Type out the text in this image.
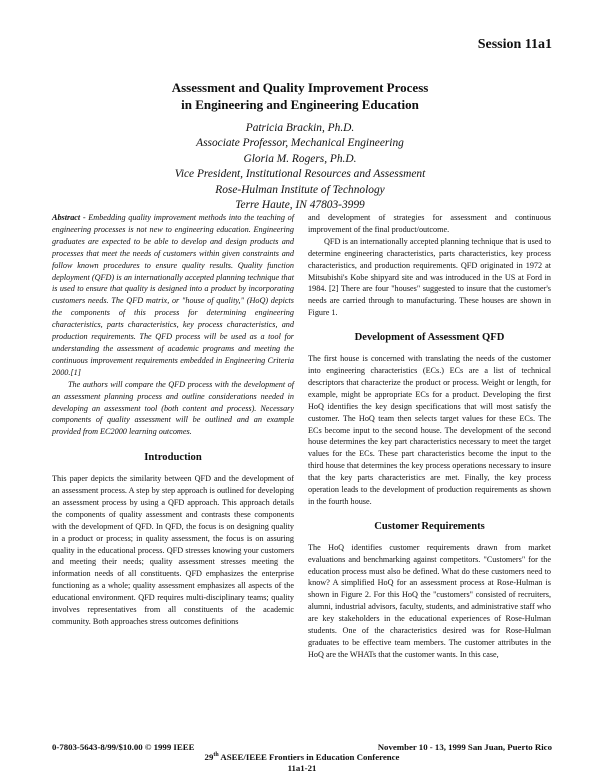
Session 11a1
Assessment and Quality Improvement Process
in Engineering and Engineering Education
Patricia Brackin, Ph.D.
Associate Professor, Mechanical Engineering
Gloria M. Rogers, Ph.D.
Vice President, Institutional Resources and Assessment
Rose-Hulman Institute of Technology
Terre Haute, IN 47803-3999

Abstract - Embedding quality improvement methods into the teaching of engineering processes is not new to engineering education. Engineering graduates are expected to be able to develop and design products and processes that meet the needs of customers within given constraints and follow known procedures to ensure quality results. Quality function deployment (QFD) is an internationally accepted planning technique that is used to ensure that quality is designed into a product by incorporating customers needs. The QFD matrix, or "house of quality," (HoQ) depicts the components of this process for determining engineering characteristics, parts characteristics, key process characteristics, and production requirements. The QFD process will be used as a tool for understanding the assessment of academic programs and meeting the continuous improvement requirements embedded in Engineering Criteria 2000.[1]

The authors will compare the QFD process with the development of an assessment planning process and outline considerations needed in developing an assessment tool (both content and process). Necessary components of quality assessment will be outlined and an example provided from EC2000 learning outcomes.

Introduction

This paper depicts the similarity between QFD and the development of an assessment process. A step by step approach is outlined for developing an assessment process by using a QFD approach. This approach details the components of quality assessment and contrasts these components with the development of QFD. In QFD, the focus is on designing quality in a product or process; in quality assessment, the focus is on assuring quality in the educational process. QFD stresses knowing your customers and meeting their needs; quality assessment stresses meeting the information needs of all constituents. QFD emphasizes the enterprise functioning as a whole; quality assessment emphasizes all aspects of the educational environment. QFD requires multi-disciplinary teams; quality involves representatives from all constituents of the academic community. Both approaches stress outcomes definitions

and development of strategies for assessment and continuous improvement of the final product/outcome.

QFD is an internationally accepted planning technique that is used to determine engineering characteristics, parts characteristics, key process characteristics, and production requirements. QFD originated in 1972 at Mitsubishi's Kobe shipyard site and was introduced in the US at Ford in 1984. [2] There are four "houses" suggested to insure that the customer's needs are carried through to manufacturing. These houses are shown in Figure 1.

Development of Assessment QFD

The first house is concerned with translating the needs of the customer into engineering characteristics (ECs.) ECs are a list of technical descriptors that characterize the product or process. Weight or length, for example, might be appropriate ECs for a product. Developing the first HoQ identifies the key design specifications that will most satisfy the customer. The HoQ team then selects target values for these ECs. The ECs become input to the second house. The development of the second house determines the key part characteristics necessary to meet the target values for the ECs. These part characteristics become the input to the third house that determines the key process operations necessary to insure that the key parts characteristics are met. Finally, the key process operation leads to the development of production requirements as shown in the fourth house.

Customer Requirements

The HoQ identifies customer requirements drawn from market evaluations and benchmarking against competitors. "Customers" for the education process must also be defined. What do these customers need to know? A simplified HoQ for an assessment process at Rose-Hulman is shown in Figure 2. For this HoQ the "customers" consisted of recruiters, alumni, industrial advisors, faculty, students, and administrative staff who are key stakeholders in the educational experiences of Rose-Hulman students. One of the characteristics desired was for Rose-Hulman graduates to be effective team members. The customer attributes in the HoQ are the WHATs that the customer wants. In this case,

0-7803-5643-8/99/$10.00 © 1999 IEEE	November 10 - 13, 1999 San Juan, Puerto Rico
29th ASEE/IEEE Frontiers in Education Conference
11a1-21
